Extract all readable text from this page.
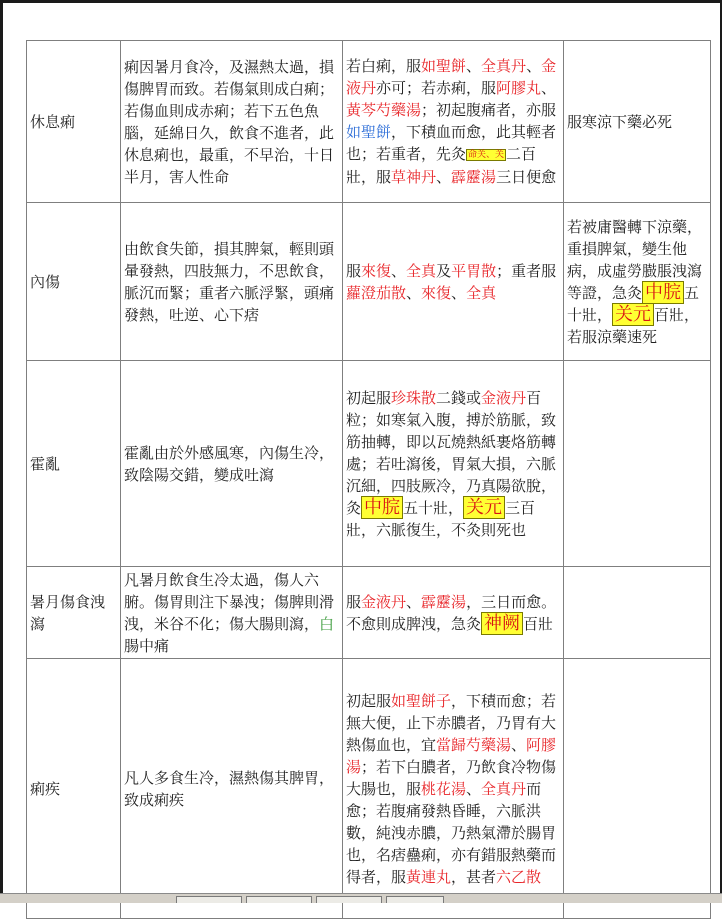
休息痢	痢因暑月食冷，及濕熱太過，損傷脾胃而致。若傷氣則成白痢；若傷血則成赤痢；若下五色魚腦，延綿日久，飲食不進者，此休息痢也，最重，不早治，十日半月，害人性命	若白痢，服如聖餅、全真丹、金液丹亦可；若赤痢，服阿膠丸、黃芩芍藥湯；初起腹痛者，亦服如聖餅，下積血而愈，此其輕者也；若重者，先灸 命关、关 二百壯，服草神丹、霹靂湯三日便愈	服寒涼下藥必死
內傷	由飲食失節，損其脾氣，輕則頭暈發熱，四肢無力，不思飲食，脈沉而緊；重者六脈浮緊，頭痛發熱，吐逆、心下痞	服來復、全真及平胃散；重者服蘿澄茄散、來復、全真	若被庸醫轉下涼藥，重損脾氣，變生他病，成虛勞臌脹洩瀉等證，急灸 中脘 五十壯， 关元 百壯，若服涼藥速死
霍亂	霍亂由於外感風寒，內傷生冷，致陰陽交錯，變成吐瀉	初起服珍珠散二錢或金液丹百粒；如寒氣入腹，搏於筋脈，致筋抽轉，即以瓦燒熱紙裹烙筋轉處；若吐瀉後，胃氣大損，六脈沉細，四肢厥冷，乃真陽欲脫，灸 中脘 五十壯， 关元 三百壯，六脈復生，不灸則死也	
暑月傷食洩瀉	凡暑月飲食生冷太過，傷人六腑。傷胃則注下暴洩；傷脾則滑洩，米谷不化；傷大腸則瀉，白腸中痛	服金液丹、霹靂湯，三日而愈。不愈則成脾洩，急灸 神阙 百壯	
痢疾	凡人多食生冷，濕熱傷其脾胃，致成痢疾	初起服如聖餅子，下積而愈；若無大便，止下赤膿者，乃胃有大熱傷血也，宜當歸芍藥湯、阿膠湯；若下白膿者，乃飲食冷物傷大腸也，服桃花湯、全真丹而愈；若腹痛發熱昏睡，六脈洪數，純洩赤膿，乃熱氣滯於腸胃也，名痞蠱痢，亦有錯服熱藥而得者，服黃連丸，甚者六乙散	
